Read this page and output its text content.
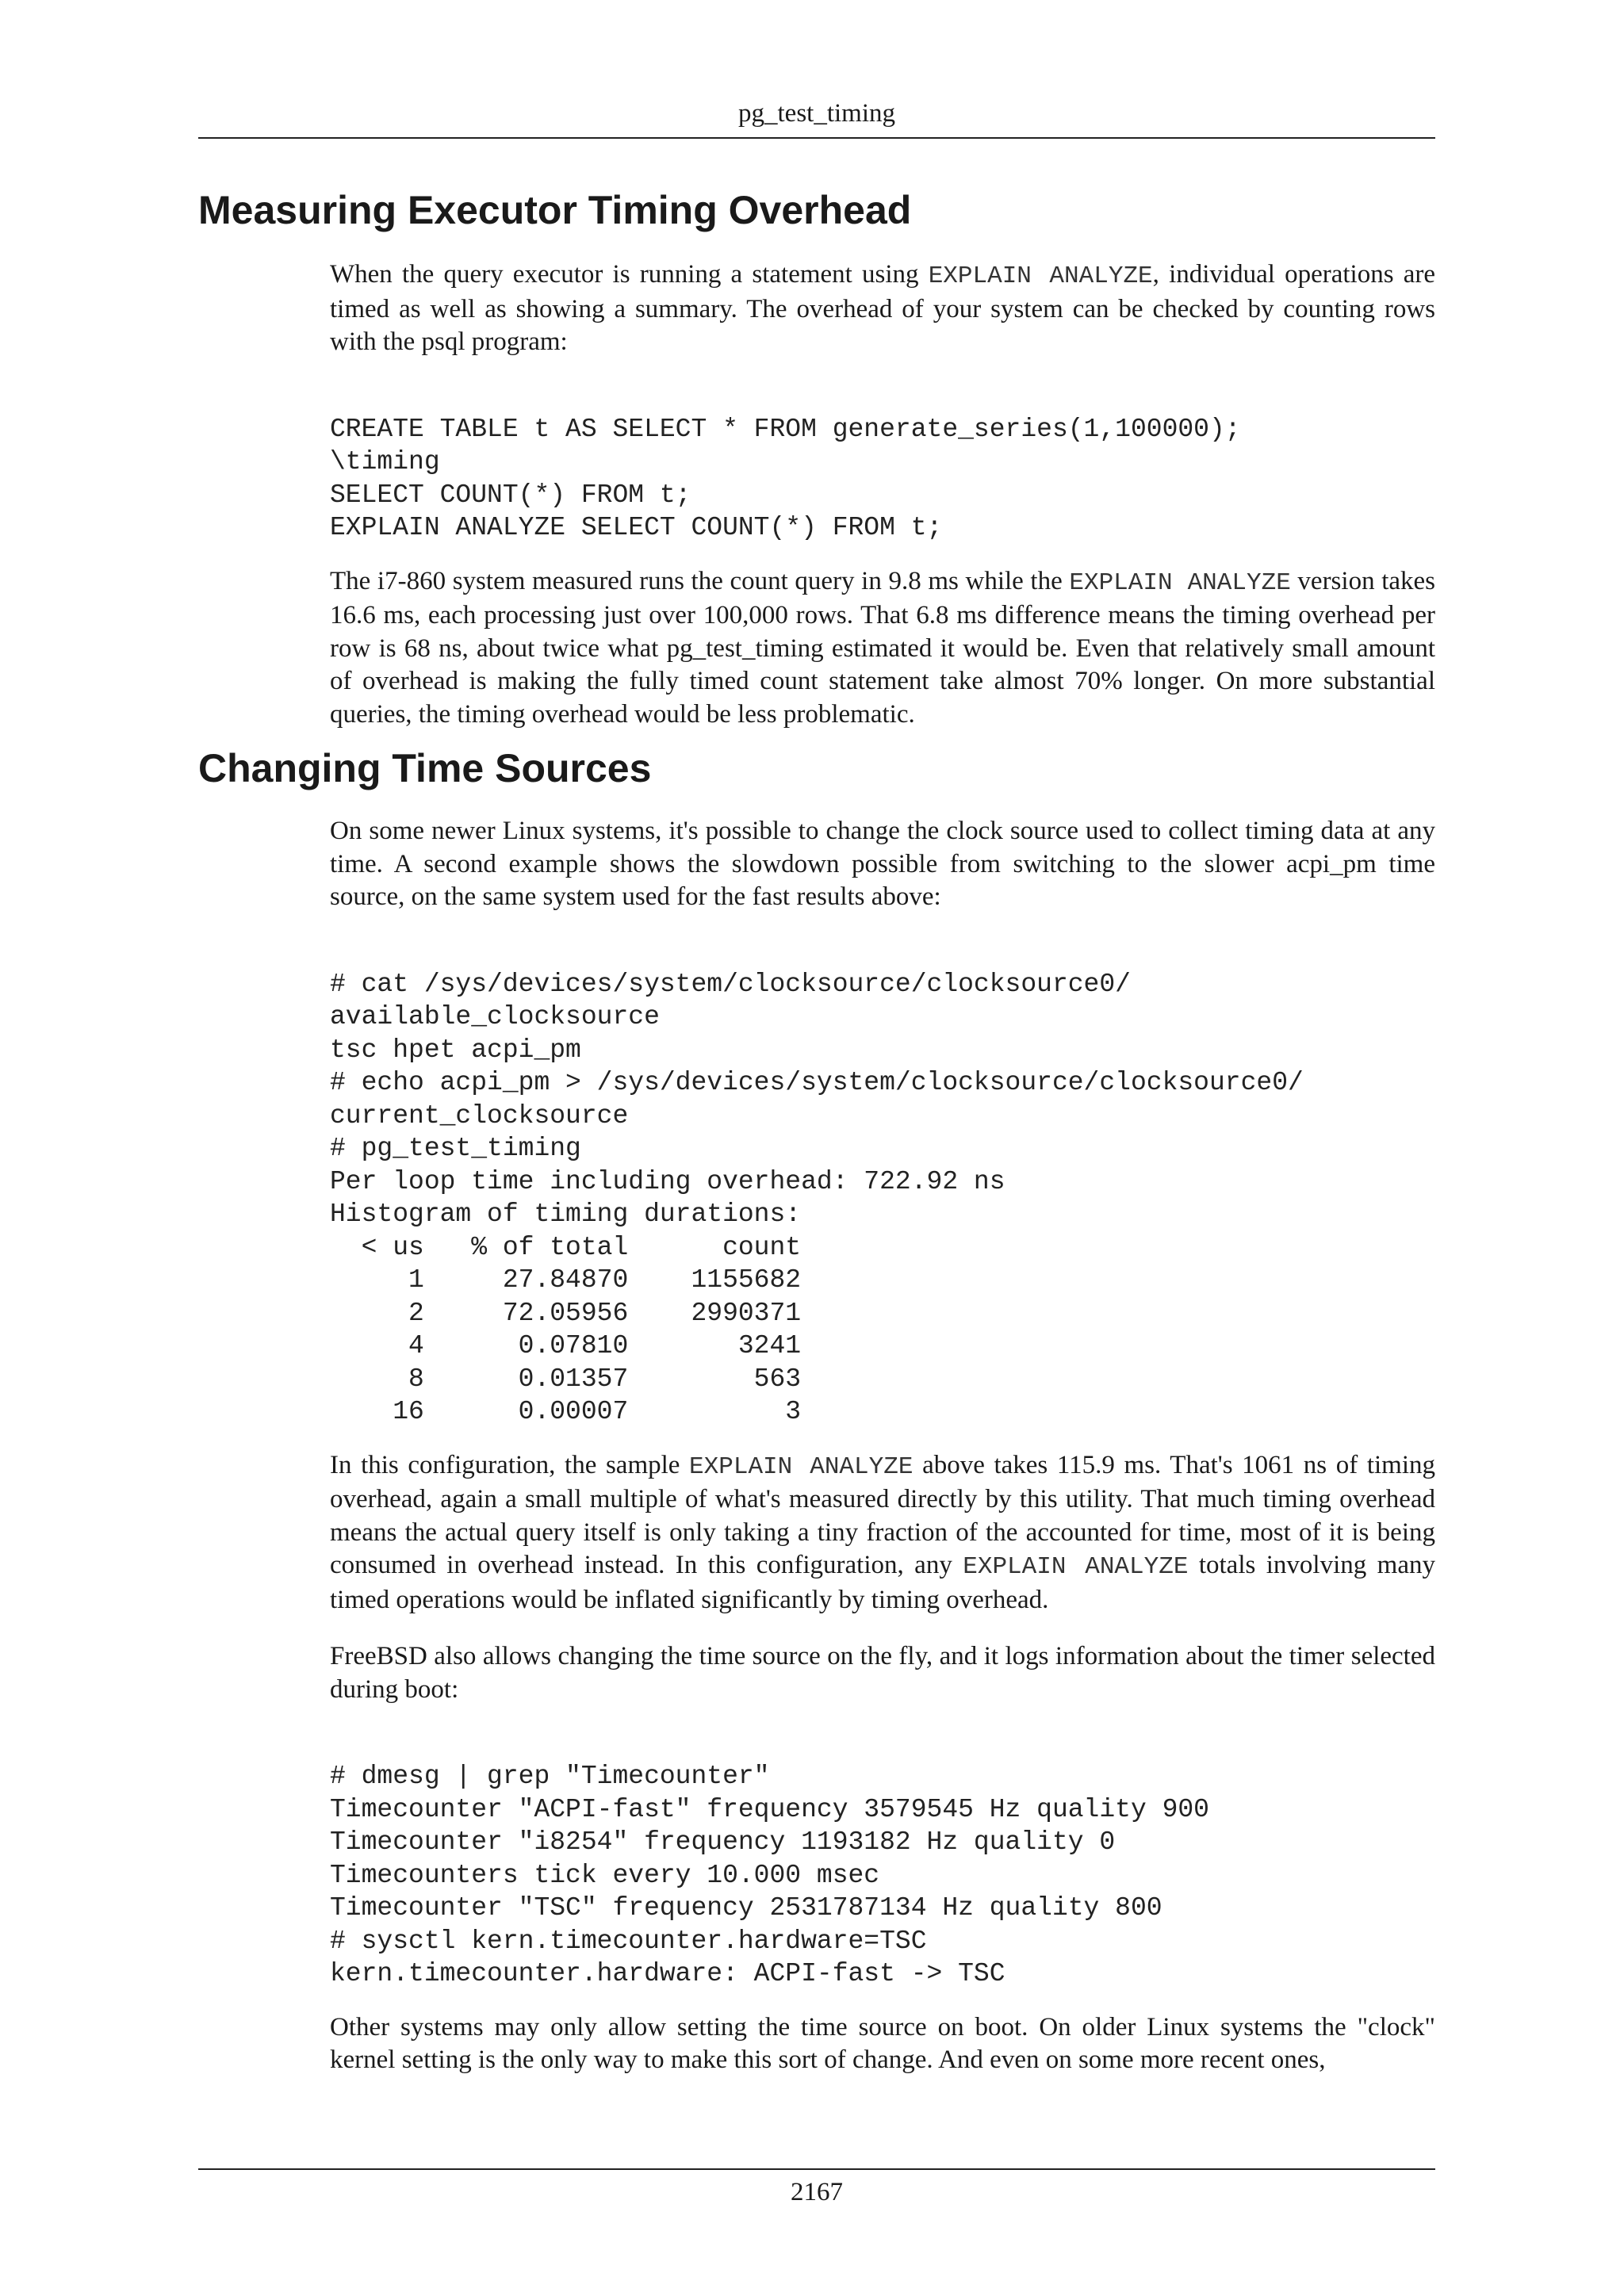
pg_test_timing
Measuring Executor Timing Overhead

When the query executor is running a statement using EXPLAIN ANALYZE, individual operations are timed as well as showing a summary. The overhead of your system can be checked by counting rows with the psql program:

CREATE TABLE t AS SELECT * FROM generate_series(1,100000);
\timing
SELECT COUNT(*) FROM t;
EXPLAIN ANALYZE SELECT COUNT(*) FROM t;

The i7-860 system measured runs the count query in 9.8 ms while the EXPLAIN ANALYZE version takes 16.6 ms, each processing just over 100,000 rows. That 6.8 ms difference means the timing overhead per row is 68 ns, about twice what pg_test_timing estimated it would be. Even that relatively small amount of overhead is making the fully timed count statement take almost 70% longer. On more substantial queries, the timing overhead would be less problematic.

Changing Time Sources

On some newer Linux systems, it's possible to change the clock source used to collect timing data at any time. A second example shows the slowdown possible from switching to the slower acpi_pm time source, on the same system used for the fast results above:

# cat /sys/devices/system/clocksource/clocksource0/
available_clocksource
tsc hpet acpi_pm
# echo acpi_pm > /sys/devices/system/clocksource/clocksource0/
current_clocksource
# pg_test_timing
Per loop time including overhead: 722.92 ns
Histogram of timing durations:
< us   % of total      count
1     27.84870    1155682
2     72.05956    2990371
4      0.07810       3241
8      0.01357        563
16      0.00007          3

In this configuration, the sample EXPLAIN ANALYZE above takes 115.9 ms. That's 1061 ns of timing overhead, again a small multiple of what's measured directly by this utility. That much timing overhead means the actual query itself is only taking a tiny fraction of the accounted for time, most of it is being consumed in overhead instead. In this configuration, any EXPLAIN ANALYZE totals involving many timed operations would be inflated significantly by timing overhead.

FreeBSD also allows changing the time source on the fly, and it logs information about the timer selected during boot:

# dmesg | grep "Timecounter"
Timecounter "ACPI-fast" frequency 3579545 Hz quality 900
Timecounter "i8254" frequency 1193182 Hz quality 0
Timecounters tick every 10.000 msec
Timecounter "TSC" frequency 2531787134 Hz quality 800
# sysctl kern.timecounter.hardware=TSC
kern.timecounter.hardware: ACPI-fast -> TSC

Other systems may only allow setting the time source on boot. On older Linux systems the "clock" kernel setting is the only way to make this sort of change. And even on some more recent ones,

2167
